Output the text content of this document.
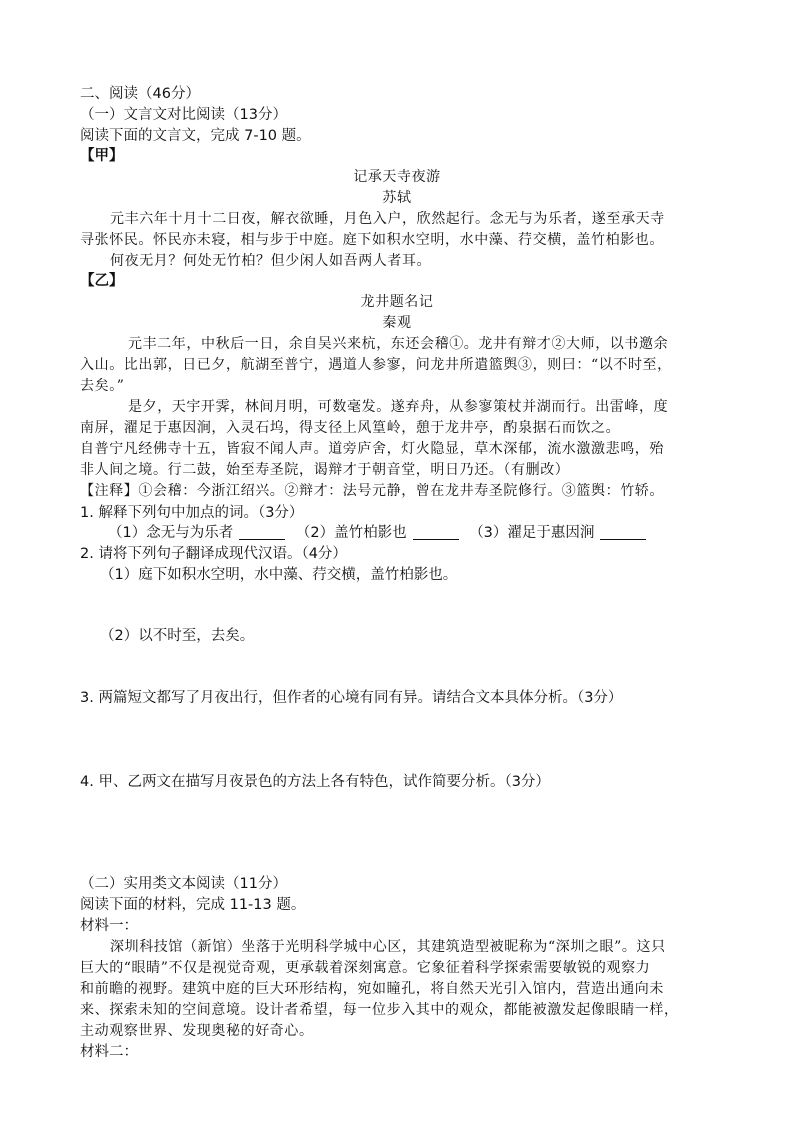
二、阅读（46分）
（一）文言文对比阅读（13分）
阅读下面的文言文，完成 7-10 题。
【甲】
记承天寺夜游
苏轼
元丰六年十月十二日夜，解衣欲睡，月色入户，欣然起行。念无与为乐者，遂至承天寺
寻张怀民。怀民亦未寝，相与步于中庭。庭下如积水空明，水中藻、荇交横，盖竹柏影也。
何夜无月？何处无竹柏？但少闲人如吾两人者耳。
【乙】
龙井题名记
秦观
元丰二年，中秋后一日，余自吴兴来杭，东还会稽①。龙井有辩才②大师，以书邀余
入山。比出郭，日已夕，航湖至普宁，遇道人参寥，问龙井所遣篮舆③，则曰：“以不时至，
去矣。”
是夕，天宇开霁，林间月明，可数毫发。遂弃舟，从参寥策杖并湖而行。出雷峰，度
南屏，濯足于惠因涧，入灵石坞，得支径上风篁岭，憩于龙井亭，酌泉据石而饮之。
自普宁凡经佛寺十五，皆寂不闻人声。道旁庐舍，灯火隐显，草木深郁，流水激激悲鸣，殆
非人间之境。行二鼓，始至寿圣院，谒辩才于朝音堂，明日乃还。（有删改）
【注释】①会稽：今浙江绍兴。②辩才：法号元静，曾在龙井寿圣院修行。③篮舆：竹轿。
1. 解释下列句中加点的词。（3分）
（1）念无与为乐者	（2）盖竹柏影也	（3）濯足于惠因涧
2. 请将下列句子翻译成现代汉语。（4分）
（1）庭下如积水空明，水中藻、荇交横，盖竹柏影也。
（2）以不时至，去矣。
3. 两篇短文都写了月夜出行，但作者的心境有同有异。请结合文本具体分析。（3分）
4. 甲、乙两文在描写月夜景色的方法上各有特色，试作简要分析。（3分）
（二）实用类文本阅读（11分）
阅读下面的材料，完成 11-13 题。
材料一：
深圳科技馆（新馆）坐落于光明科学城中心区，其建筑造型被昵称为“深圳之眼”。这只
巨大的“眼睛”不仅是视觉奇观，更承载着深刻寓意。它象征着科学探索需要敏锐的观察力
和前瞻的视野。建筑中庭的巨大环形结构，宛如瞳孔，将自然天光引入馆内，营造出通向未
来、探索未知的空间意境。设计者希望，每一位步入其中的观众，都能被激发起像眼睛一样，
主动观察世界、发现奥秘的好奇心。
材料二：
